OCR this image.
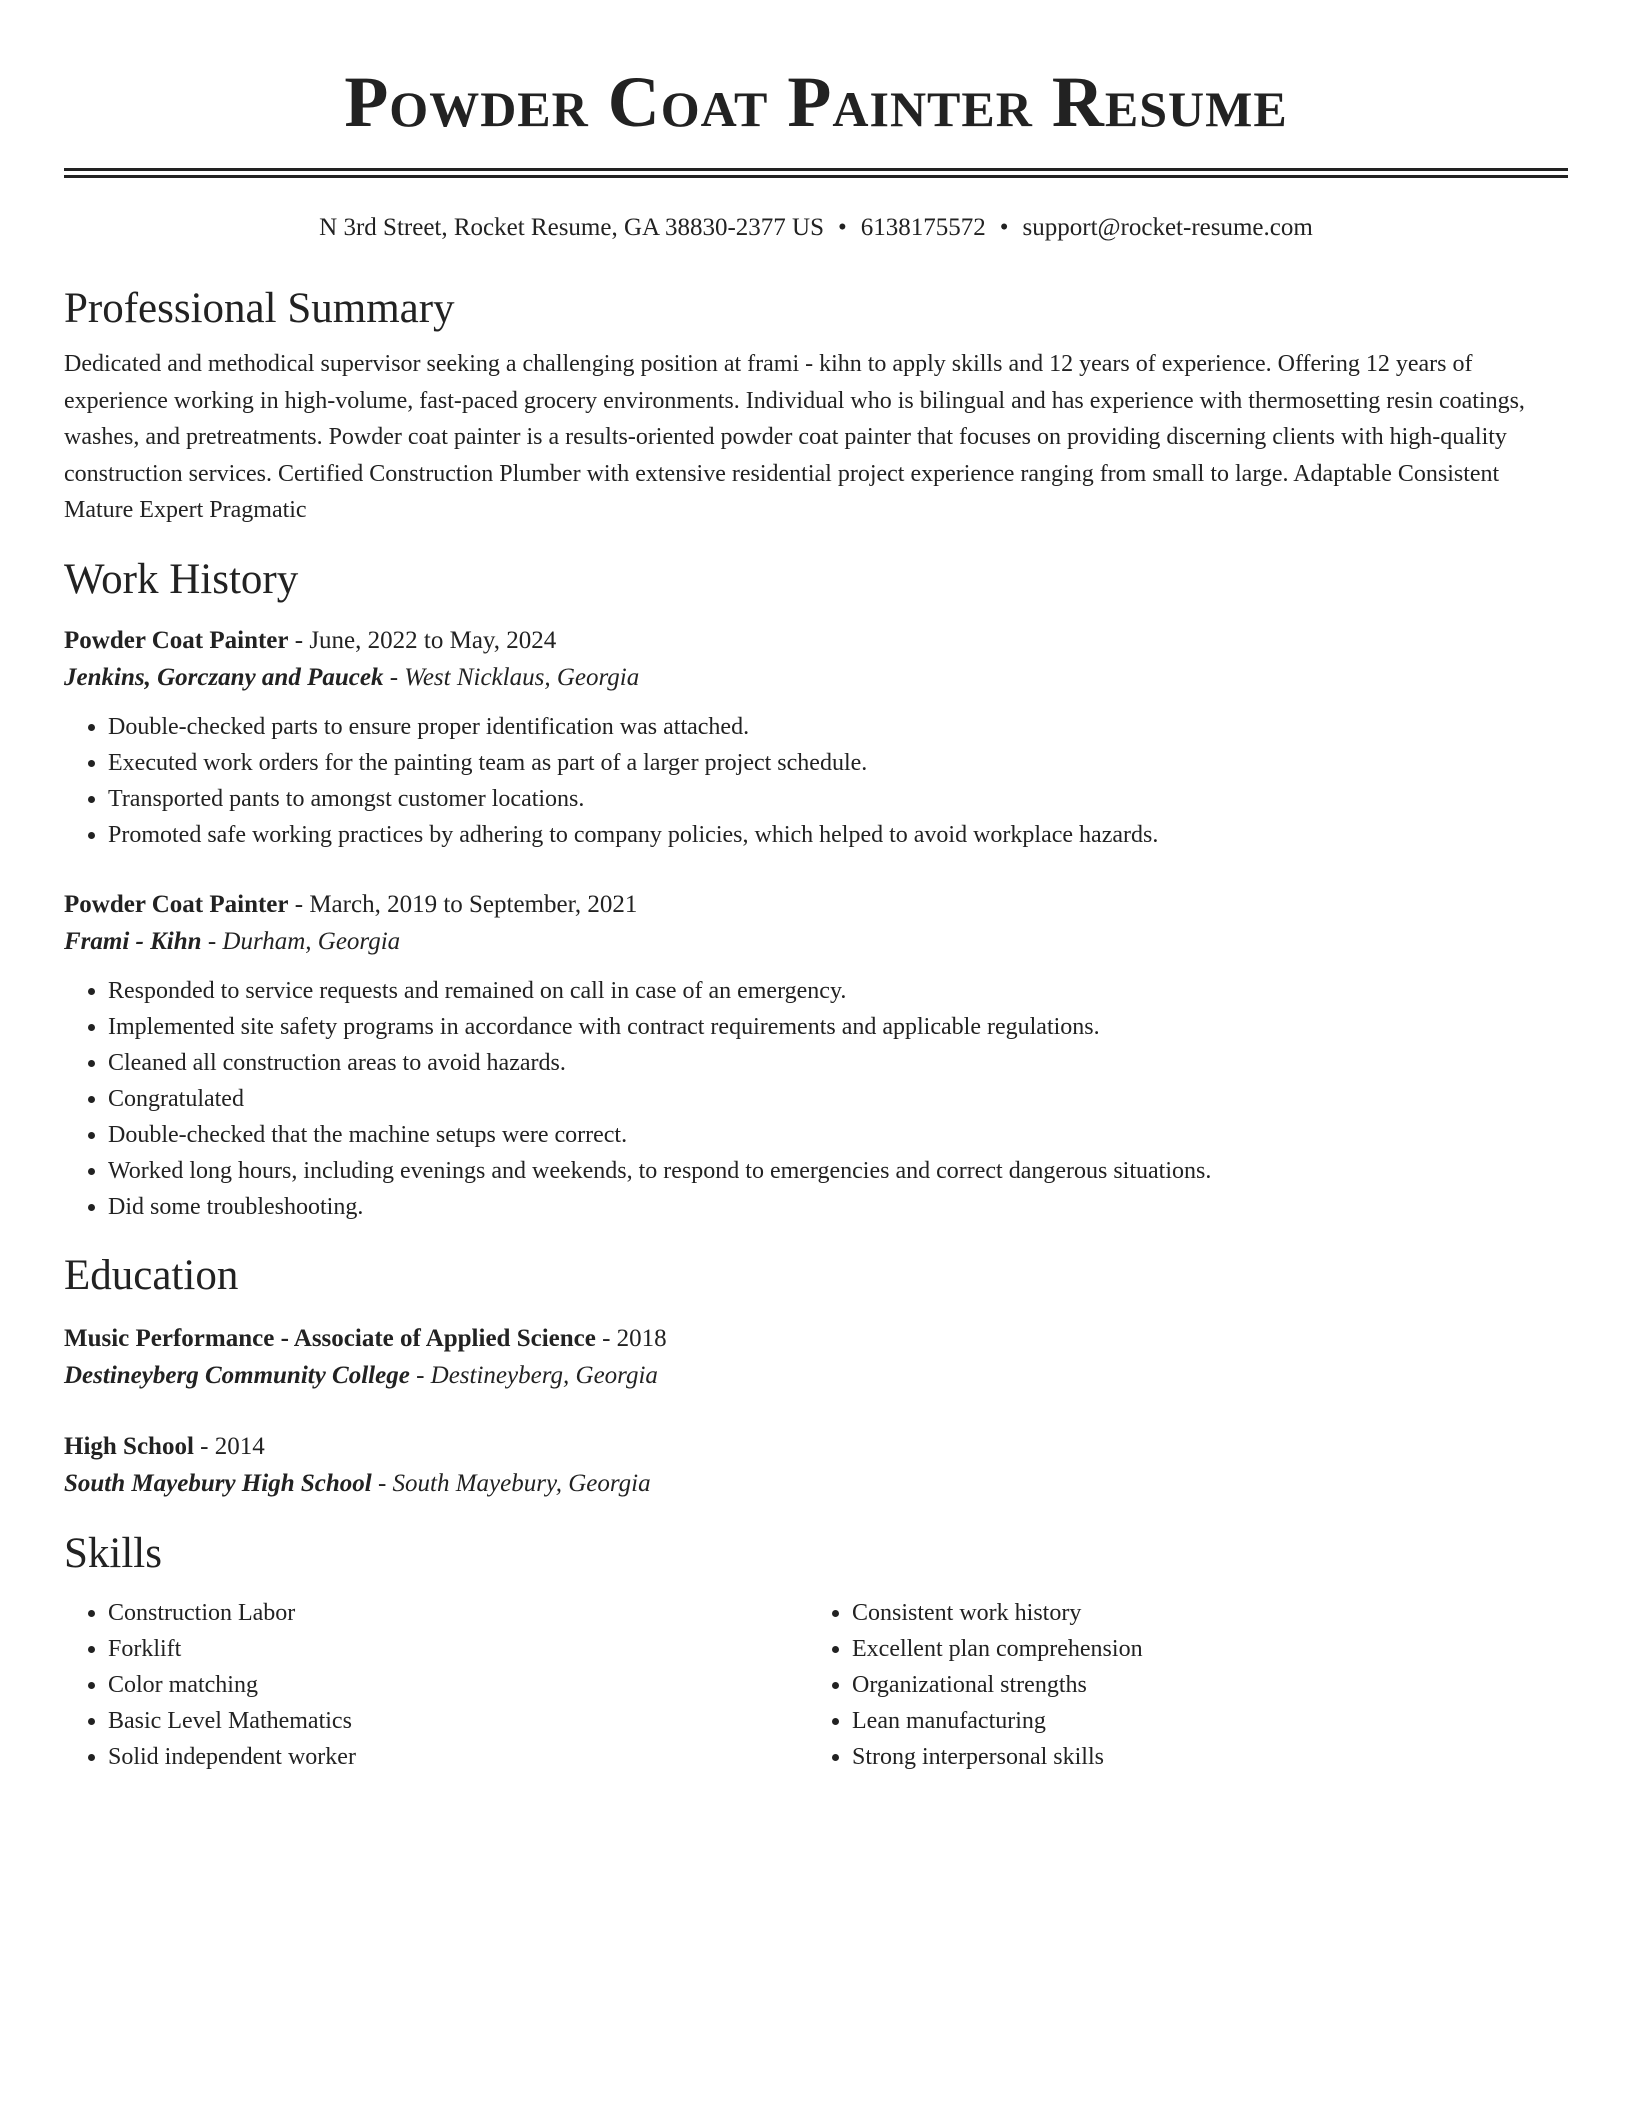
Powder Coat Painter Resume
N 3rd Street, Rocket Resume, GA 38830-2377 US • 6138175572 • support@rocket-resume.com
Professional Summary
Dedicated and methodical supervisor seeking a challenging position at frami - kihn to apply skills and 12 years of experience. Offering 12 years of experience working in high-volume, fast-paced grocery environments. Individual who is bilingual and has experience with thermosetting resin coatings, washes, and pretreatments. Powder coat painter is a results-oriented powder coat painter that focuses on providing discerning clients with high-quality construction services. Certified Construction Plumber with extensive residential project experience ranging from small to large. Adaptable Consistent Mature Expert Pragmatic
Work History
Powder Coat Painter - June, 2022 to May, 2024
Jenkins, Gorczany and Paucek - West Nicklaus, Georgia
• Double-checked parts to ensure proper identification was attached.
• Executed work orders for the painting team as part of a larger project schedule.
• Transported pants to amongst customer locations.
• Promoted safe working practices by adhering to company policies, which helped to avoid workplace hazards.
Powder Coat Painter - March, 2019 to September, 2021
Frami - Kihn - Durham, Georgia
• Responded to service requests and remained on call in case of an emergency.
• Implemented site safety programs in accordance with contract requirements and applicable regulations.
• Cleaned all construction areas to avoid hazards.
• Congratulated
• Double-checked that the machine setups were correct.
• Worked long hours, including evenings and weekends, to respond to emergencies and correct dangerous situations.
• Did some troubleshooting.
Education
Music Performance - Associate of Applied Science - 2018
Destineyberg Community College - Destineyberg, Georgia
High School - 2014
South Mayebury High School - South Mayebury, Georgia
Skills
• Construction Labor
• Forklift
• Color matching
• Basic Level Mathematics
• Solid independent worker
• Consistent work history
• Excellent plan comprehension
• Organizational strengths
• Lean manufacturing
• Strong interpersonal skills
